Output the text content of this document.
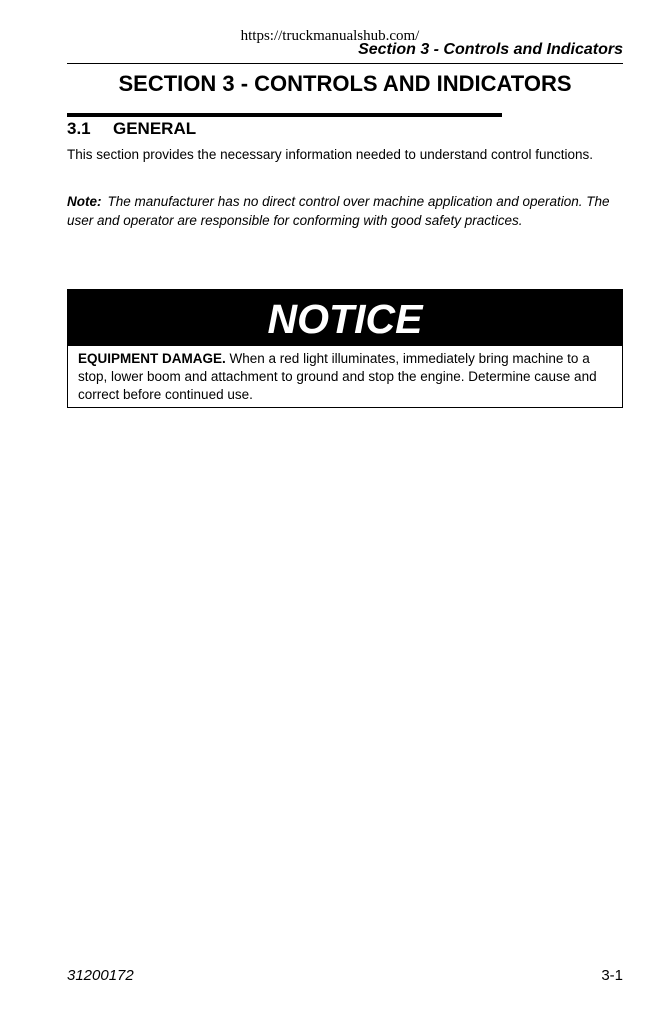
https://truckmanualshub.com/
Section 3 - Controls and Indicators
SECTION 3 - CONTROLS AND INDICATORS
3.1 GENERAL

This section provides the necessary information needed to understand control functions.

Note: The manufacturer has no direct control over machine application and operation. The user and operator are responsible for conforming with good safety practices.

NOTICE
EQUIPMENT DAMAGE. When a red light illuminates, immediately bring machine to a stop, lower boom and attachment to ground and stop the engine. Determine cause and correct before continued use.
31200172	3-1
